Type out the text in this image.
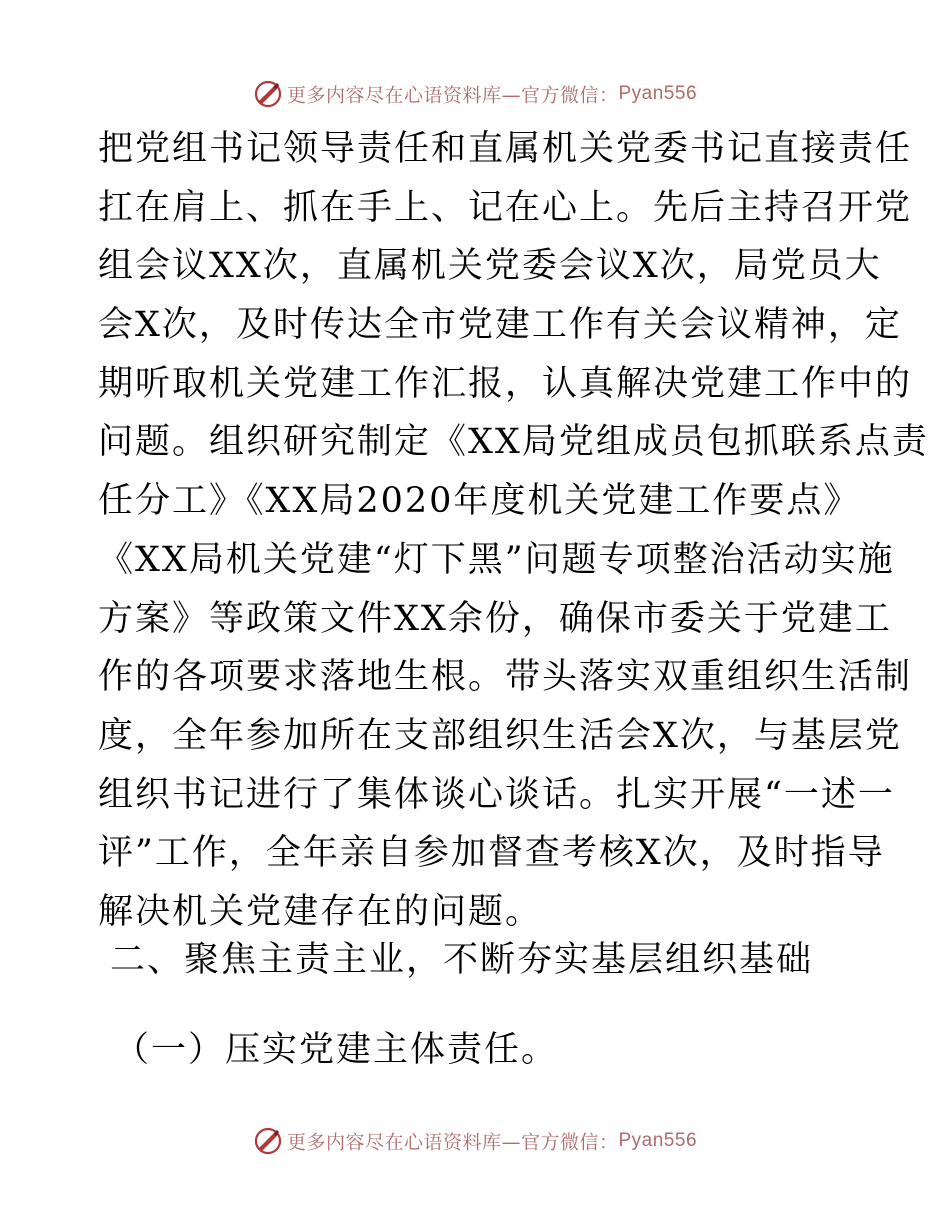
更多内容尽在心语资料库—官方微信：Pyan556
把党组书记领导责任和直属机关党委书记直接责任
扛在肩上、抓在手上、记在心上。先后主持召开党
组会议XX次，直属机关党委会议X次，局党员大
会X次，及时传达全市党建工作有关会议精神，定
期听取机关党建工作汇报，认真解决党建工作中的
问题。组织研究制定《XX局党组成员包抓联系点责
任分工》《XX局2020年度机关党建工作要点》
《XX局机关党建“灯下黑”问题专项整治活动实施
方案》等政策文件XX余份，确保市委关于党建工
作的各项要求落地生根。带头落实双重组织生活制
度，全年参加所在支部组织生活会X次，与基层党
组织书记进行了集体谈心谈话。扎实开展“一述一
评”工作，全年亲自参加督查考核X次，及时指导
解决机关党建存在的问题。
二、聚焦主责主业，不断夯实基层组织基础
（一）压实党建主体责任。
更多内容尽在心语资料库—官方微信：Pyan556
